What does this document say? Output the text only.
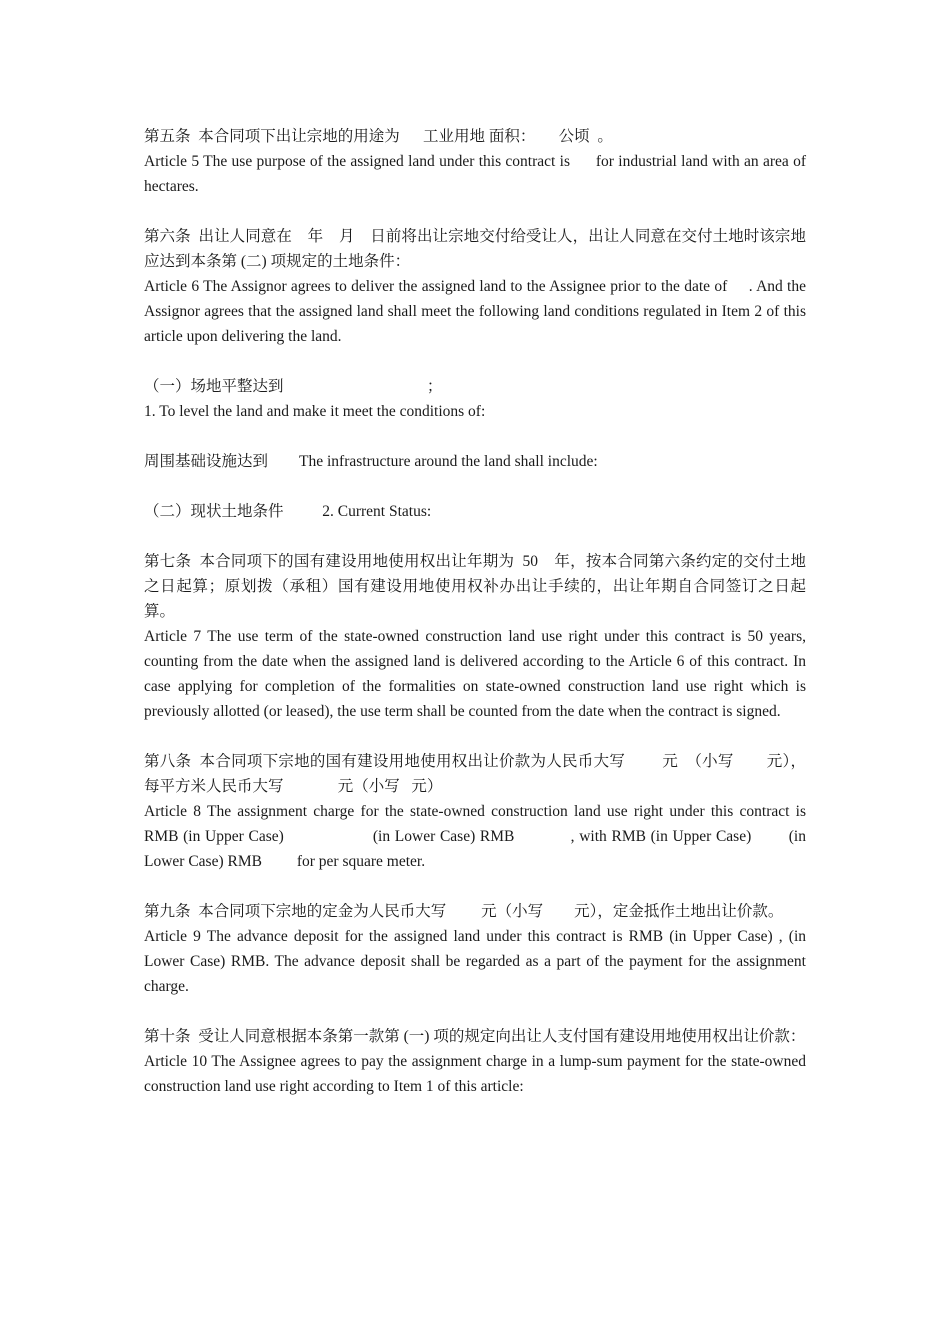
第五条  本合同项下出让宗地的用途为      工业用地 面积：      公顷  。

Article 5 The use purpose of the assigned land under this contract is      for industrial land with an area of        hectares.

第六条  出让人同意在    年    月    日前将出让宗地交付给受让人，出让人同意在交付土地时该宗地应达到本条第 (二) 项规定的土地条件：

Article 6 The Assignor agrees to deliver the assigned land to the Assignee prior to the date of     . And the Assignor agrees that the assigned land shall meet the following land conditions regulated in Item 2 of this article upon delivering the land.

（一）场地平整达到                                     ；

1. To level the land and make it meet the conditions of:

周围基础设施达到        The infrastructure around the land shall include:

（二）现状土地条件          2. Current Status:

第七条  本合同项下的国有建设用地使用权出让年期为  50    年，按本合同第六条约定的交付土地之日起算；原划拨（承租）国有建设用地使用权补办出让手续的，出让年期自合同签订之日起算。

Article 7 The use term of the state-owned construction land use right under this contract is 50 years, counting from the date when the assigned land is delivered according to the Article 6 of this contract. In case applying for completion of the formalities on state-owned construction land use right which is previously allotted (or leased), the use term shall be counted from the date when the contract is signed.

第八条  本合同项下宗地的国有建设用地使用权出让价款为人民币大写         元  （小写        元），每平方米人民币大写              元（小写   元）

Article 8 The assignment charge for the state-owned construction land use right under this contract is RMB (in Upper Case)                   (in Lower Case) RMB            , with RMB (in Upper Case)        (in Lower Case) RMB         for per square meter.

第九条  本合同项下宗地的定金为人民币大写         元（小写        元），定金抵作土地出让价款。

Article 9 The advance deposit for the assigned land under this contract is RMB (in Upper Case) , (in Lower Case) RMB. The advance deposit shall be regarded as a part of the payment for the assignment charge.

第十条  受让人同意根据本条第一款第 (一) 项的规定向出让人支付国有建设用地使用权出让价款：

Article 10 The Assignee agrees to pay the assignment charge in a lump-sum payment for the state-owned construction land use right according to Item 1 of this article:
